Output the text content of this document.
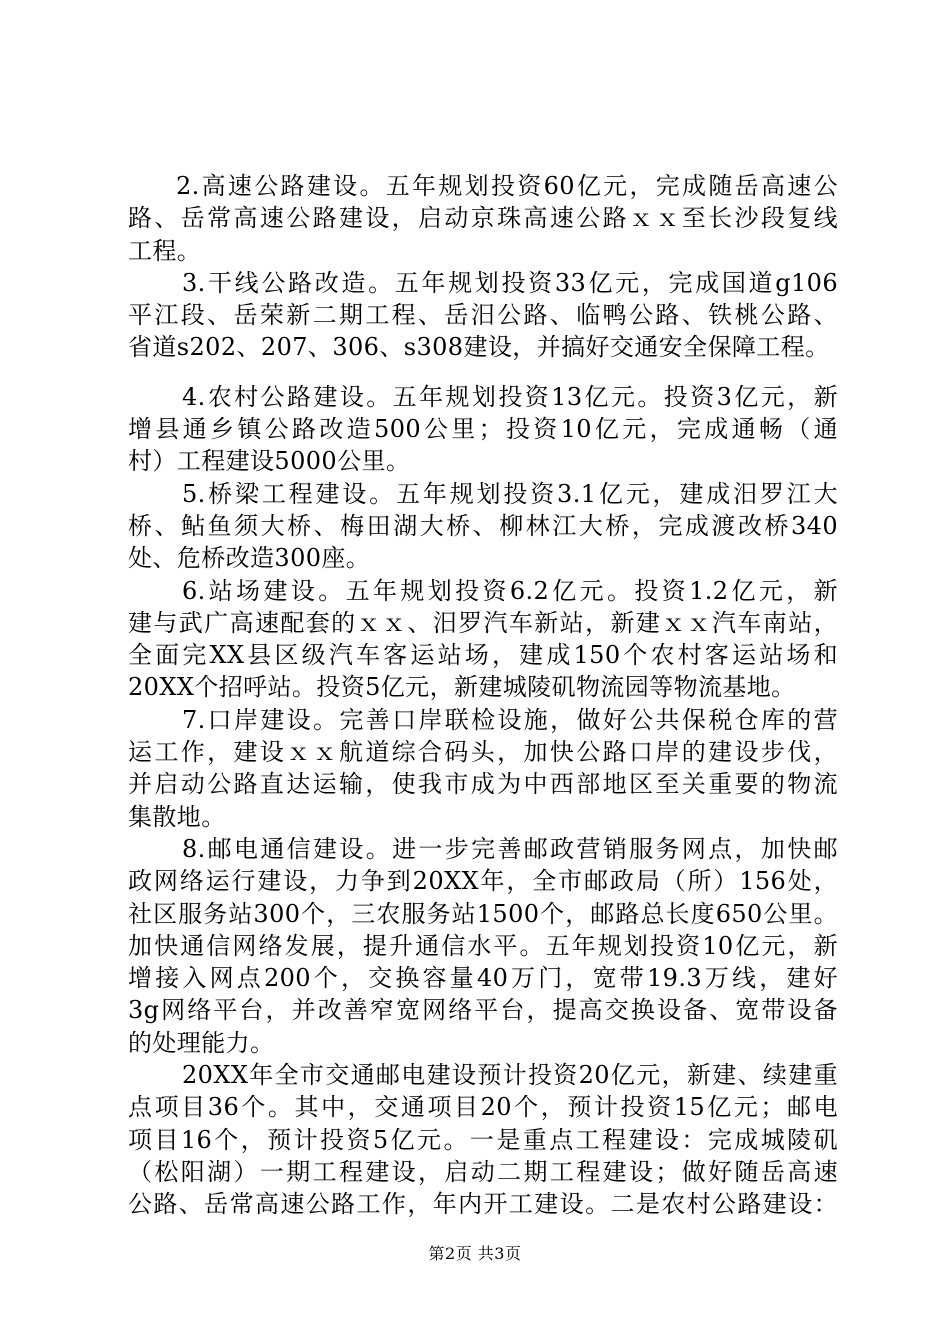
2.高速公路建设。五年规划投资60亿元，完成随岳高速公
路、岳常高速公路建设，启动京珠高速公路ｘｘ至长沙段复线
工程。
3.干线公路改造。五年规划投资33亿元，完成国道g106
平江段、岳荣新二期工程、岳汨公路、临鸭公路、铁桃公路、
省道s202、207、306、s308建设，并搞好交通安全保障工程。
4.农村公路建设。五年规划投资13亿元。投资3亿元，新
增县通乡镇公路改造500公里；投资10亿元，完成通畅（通
村）工程建设5000公里。
5.桥梁工程建设。五年规划投资3.1亿元，建成汨罗江大
桥、鲇鱼须大桥、梅田湖大桥、柳林江大桥，完成渡改桥340
处、危桥改造300座。
6.站场建设。五年规划投资6.2亿元。投资1.2亿元，新
建与武广高速配套的ｘｘ、汨罗汽车新站，新建ｘｘ汽车南站，
全面完XX县区级汽车客运站场，建成150个农村客运站场和
20XX个招呼站。投资5亿元，新建城陵矶物流园等物流基地。
7.口岸建设。完善口岸联检设施，做好公共保税仓库的营
运工作，建设ｘｘ航道综合码头，加快公路口岸的建设步伐，
并启动公路直达运输，使我市成为中西部地区至关重要的物流
集散地。
8.邮电通信建设。进一步完善邮政营销服务网点，加快邮
政网络运行建设，力争到20XX年，全市邮政局（所）156处，
社区服务站300个，三农服务站1500个，邮路总长度650公里。
加快通信网络发展，提升通信水平。五年规划投资10亿元，新
增接入网点200个，交换容量40万门，宽带19.3万线，建好
3g网络平台，并改善窄宽网络平台，提高交换设备、宽带设备
的处理能力。
20XX年全市交通邮电建设预计投资20亿元，新建、续建重
点项目36个。其中，交通项目20个，预计投资15亿元；邮电
项目16个，预计投资5亿元。一是重点工程建设：完成城陵矶
（松阳湖）一期工程建设，启动二期工程建设；做好随岳高速
公路、岳常高速公路工作，年内开工建设。二是农村公路建设：
第2页 共3页
